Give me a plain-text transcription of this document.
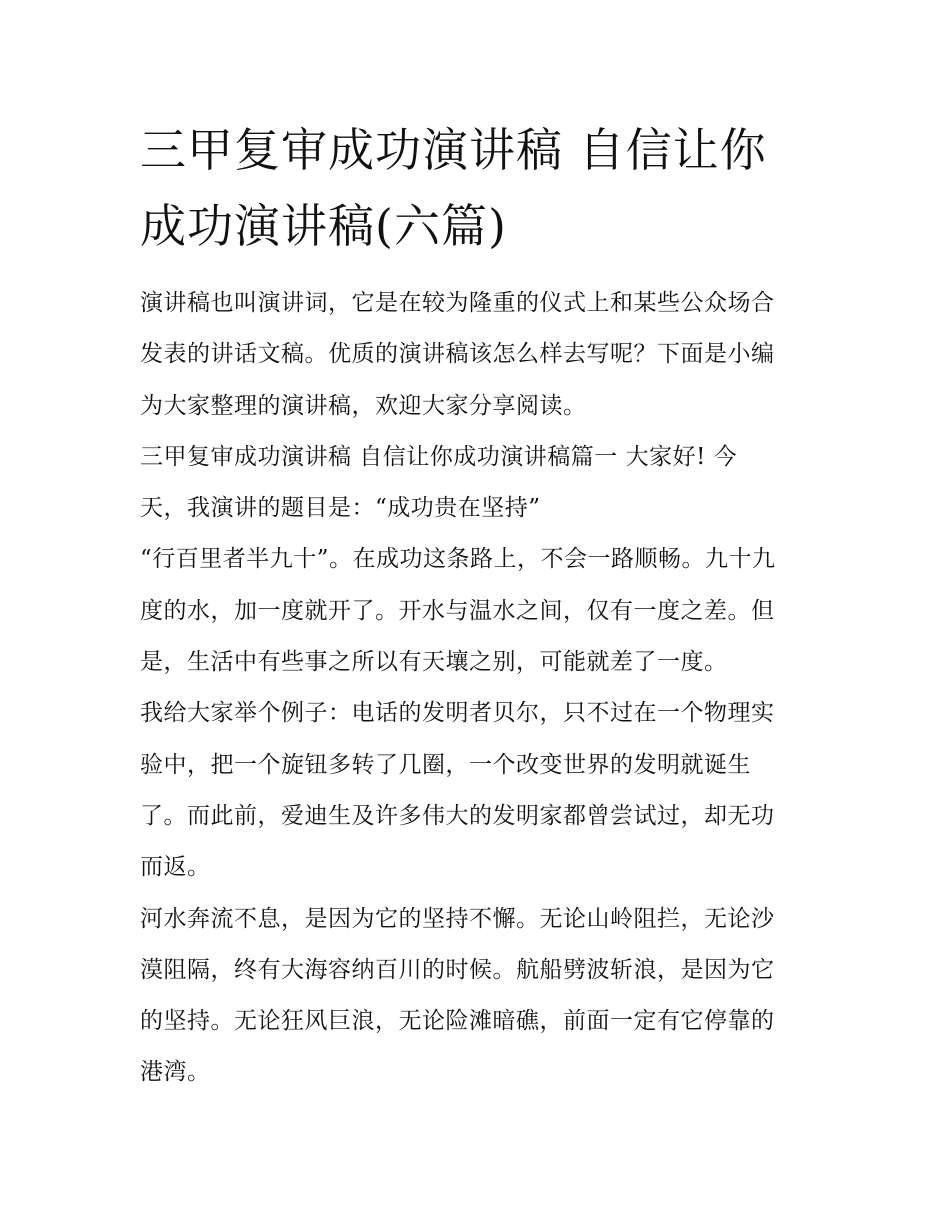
三甲复审成功演讲稿 自信让你
成功演讲稿(六篇)

演讲稿也叫演讲词，它是在较为隆重的仪式上和某些公众场合

发表的讲话文稿。优质的演讲稿该怎么样去写呢？下面是小编

为大家整理的演讲稿，欢迎大家分享阅读。

三甲复审成功演讲稿 自信让你成功演讲稿篇一 大家好! 今

天，我演讲的题目是：“成功贵在坚持”

“行百里者半九十”。在成功这条路上，不会一路顺畅。九十九

度的水，加一度就开了。开水与温水之间，仅有一度之差。但

是，生活中有些事之所以有天壤之别，可能就差了一度。

我给大家举个例子：电话的发明者贝尔，只不过在一个物理实

验中，把一个旋钮多转了几圈，一个改变世界的发明就诞生

了。而此前，爱迪生及许多伟大的发明家都曾尝试过，却无功

而返。

河水奔流不息，是因为它的坚持不懈。无论山岭阻拦，无论沙

漠阻隔，终有大海容纳百川的时候。航船劈波斩浪，是因为它

的坚持。无论狂风巨浪，无论险滩暗礁，前面一定有它停靠的

港湾。
